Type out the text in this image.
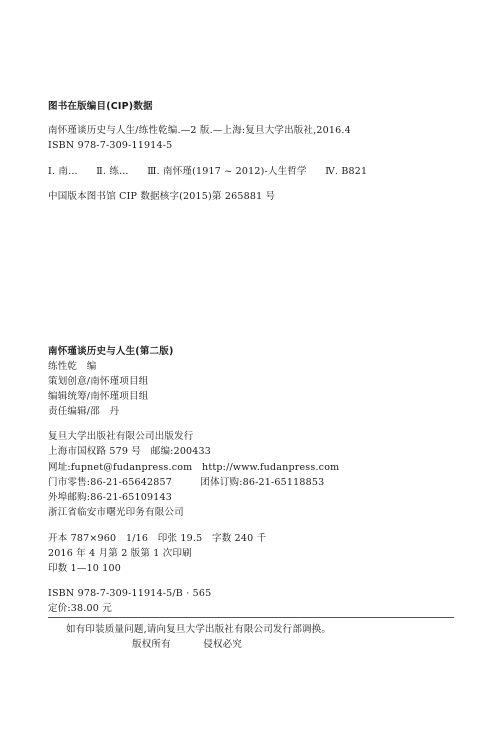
图书在版编目(CIP)数据
南怀瑾谈历史与人生/练性乾编.—2 版.—上海:复旦大学出版社,2016.4
ISBN 978-7-309-11914-5
Ⅰ. 南… Ⅱ. 练… Ⅲ. 南怀瑾(1917 ~ 2012)-人生哲学 Ⅳ. B821
中国版本图书馆 CIP 数据核字(2015)第 265881 号
南怀瑾谈历史与人生(第二版)
练性乾　编
策划创意/南怀瑾项目组
编辑统筹/南怀瑾项目组
责任编辑/邵　丹
复旦大学出版社有限公司出版发行
上海市国权路 579 号　邮编:200433
网址:fupnet@fudanpress.com　http://www.fudanpress.com
门市零售:86-21-65642857	团体订购:86-21-65118853
外埠邮购:86-21-65109143
浙江省临安市曙光印务有限公司
开本 787×960　1/16　印张 19.5　字数 240 千
2016 年 4 月第 2 版第 1 次印刷
印数 1—10 100
ISBN 978-7-309-11914-5/B · 565
定价:38.00 元
如有印装质量问题,请向复旦大学出版社有限公司发行部调换。
版权所有	侵权必究
